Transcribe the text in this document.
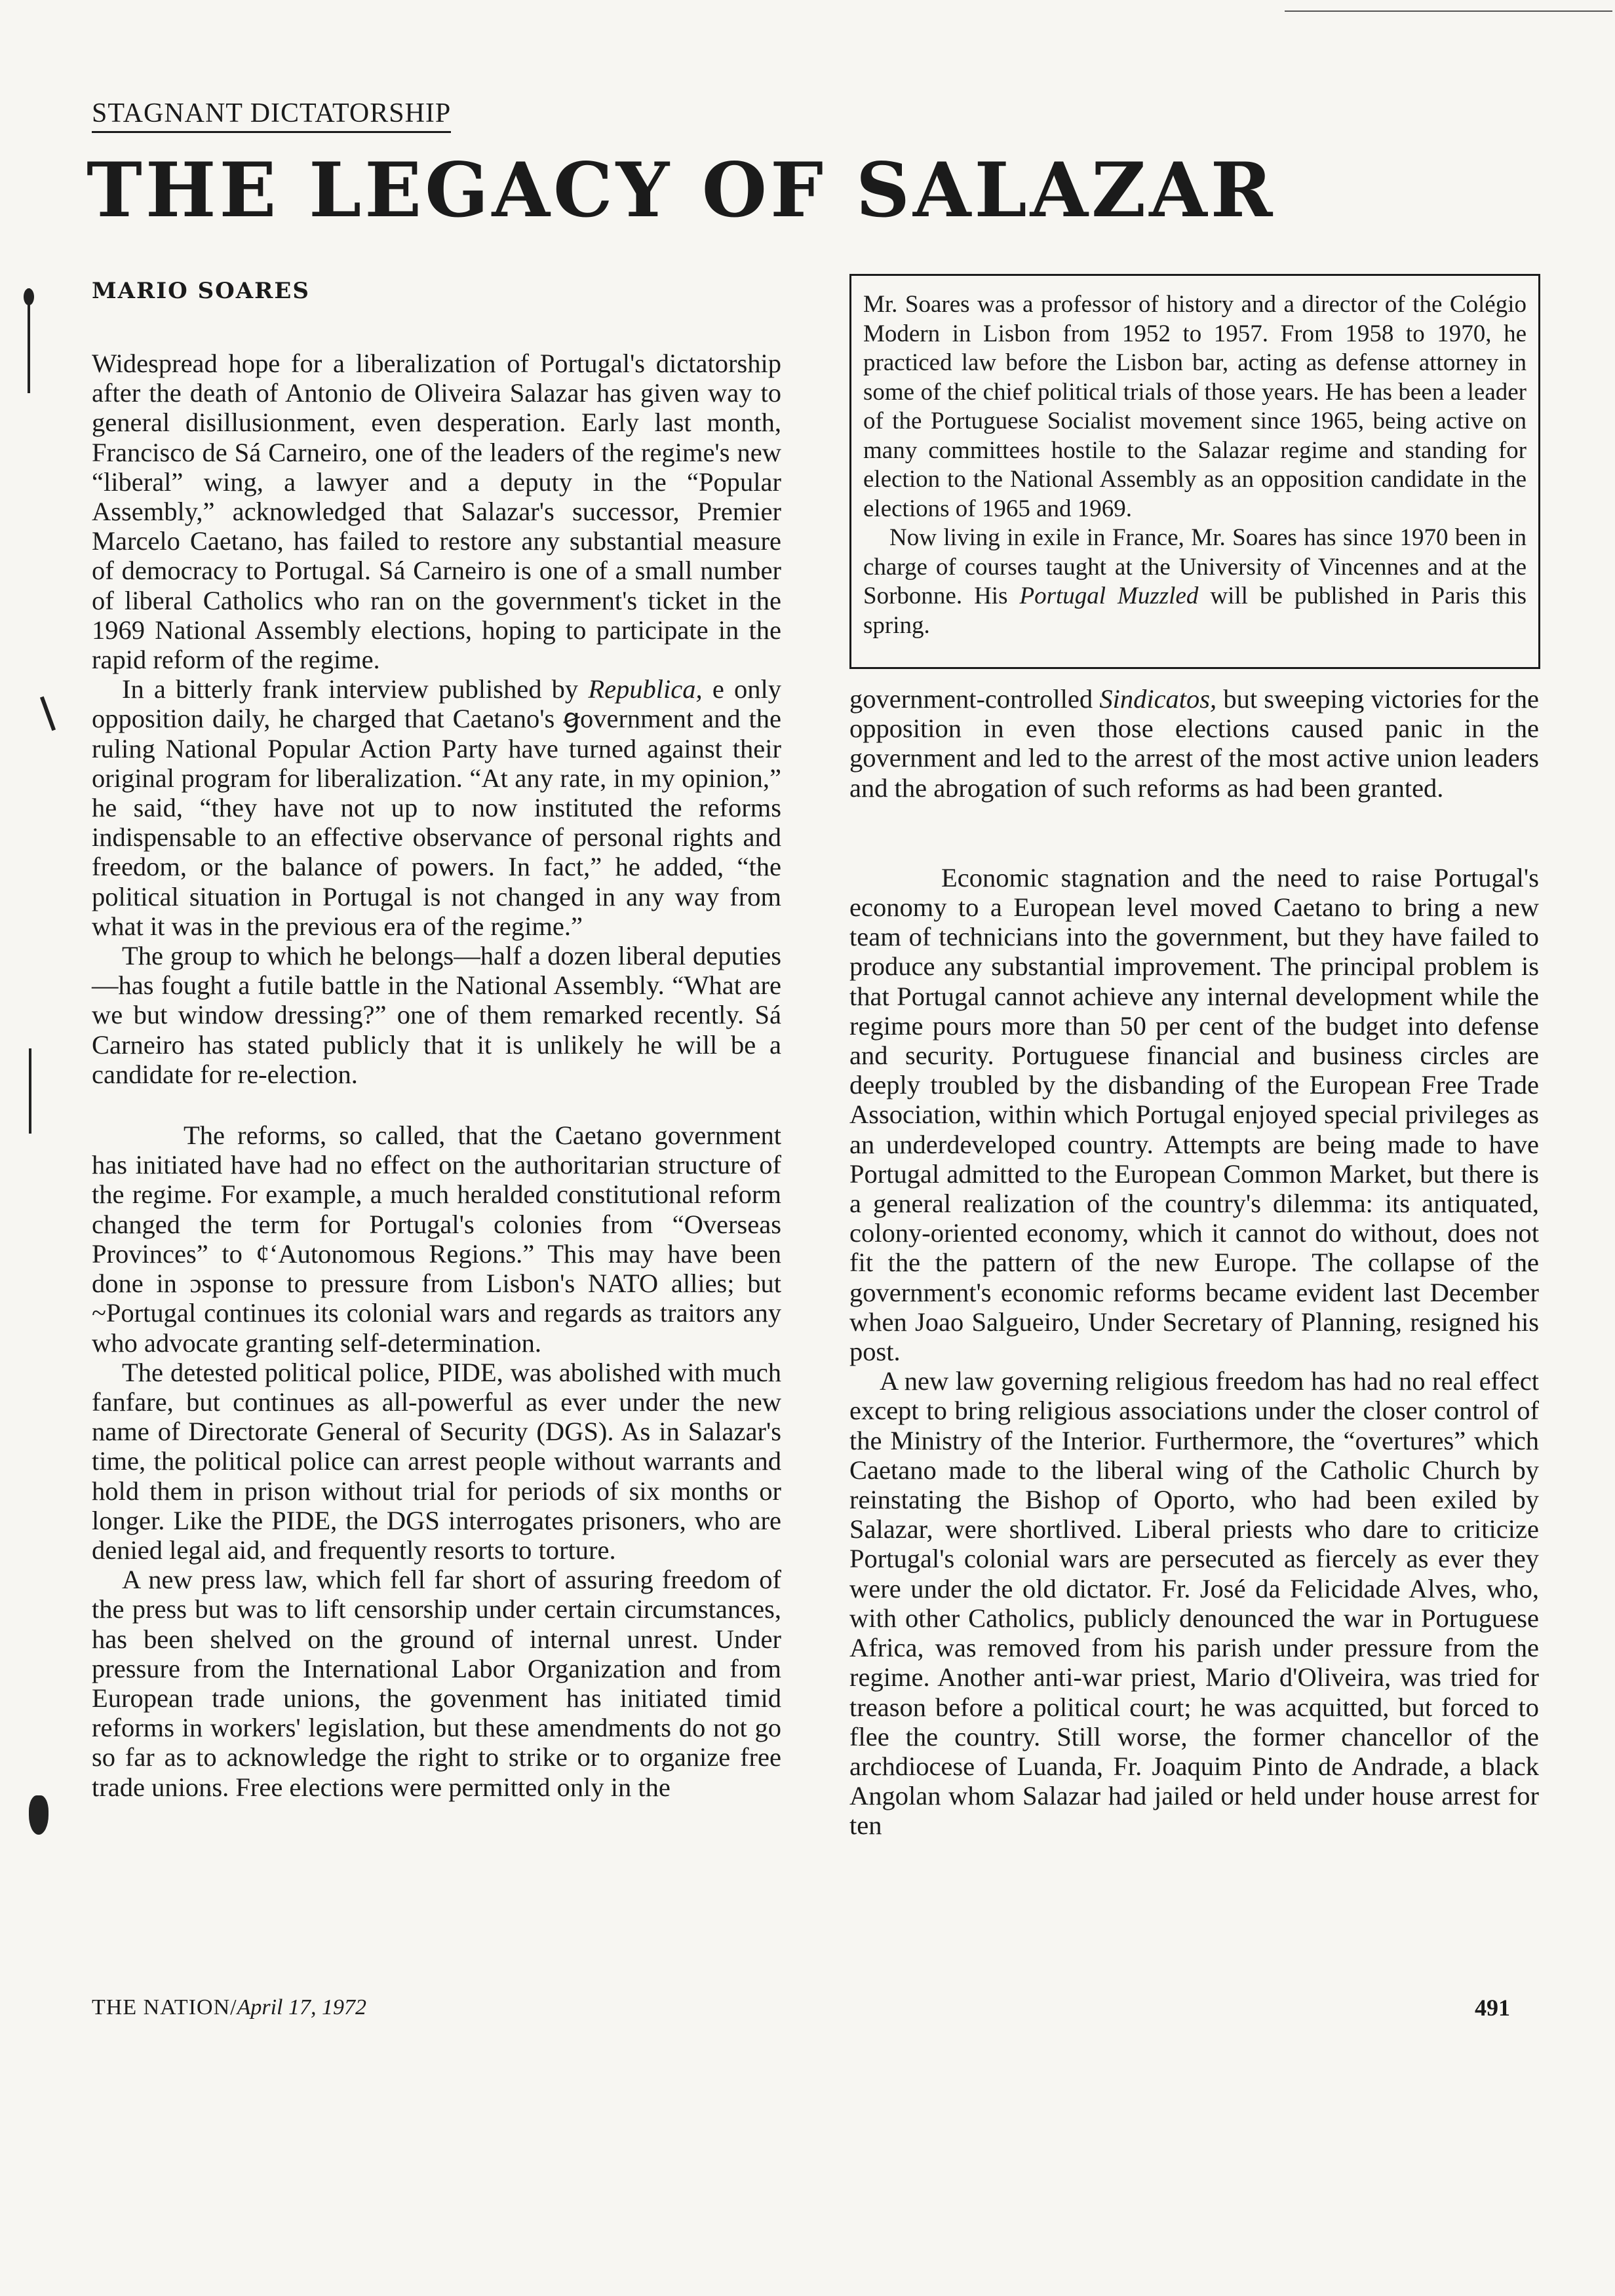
STAGNANT DICTATORSHIP
THE LEGACY OF SALAZAR
MARIO SOARES	Mr. Soares was a professor of history and a director of the Colégio Modern in Lisbon from 1952 to 1957. From 1958 to 1970, he practiced law before the Lisbon bar, acting as defense attorney in some of the chief political trials of those years. He has been a leader of the Portuguese Socialist movement since 1965, being active on many committees hostile to the Salazar regime and standing for election to the National Assembly as an opposition candidate in the elections of 1965 and 1969.

Now living in exile in France, Mr. Soares has since 1970 been in charge of courses taught at the University of Vincennes and at the Sorbonne. His Portugal Muzzled will be published in Paris this spring.

Widespread hope for a liberalization of Portugal's dictatorship after the death of Antonio de Oliveira Salazar has given way to general disillusionment, even desperation. Early last month, Francisco de Sá Carneiro, one of the leaders of the regime's new “liberal” wing, a lawyer and a deputy in the “Popular Assembly,” acknowledged that Salazar's successor, Premier Marcelo Caetano, has failed to restore any substantial measure of democracy to Portugal. Sá Carneiro is one of a small number of liberal Catholics who ran on the government's ticket in the 1969 National Assembly elections, hoping to participate in the rapid reform of the regime.

In a bitterly frank interview published by Republica, e only opposition daily, he charged that Caetano's ꞡovernment and the ruling National Popular Action Party have turned against their original program for liberalization. “At any rate, in my opinion,” he said, “they have not up to now instituted the reforms indispensable to an effective observance of personal rights and freedom, or the balance of powers. In fact,” he added, “the political situation in Portugal is not changed in any way from what it was in the previous era of the regime.”

The group to which he belongs—half a dozen liberal deputies—has fought a futile battle in the National Assembly. “What are we but window dressing?” one of them remarked recently. Sá Carneiro has stated publicly that it is unlikely he will be a candidate for re-election.

The reforms, so called, that the Caetano government has initiated have had no effect on the authoritarian structure of the regime. For example, a much heralded constitutional reform changed the term for Portugal's colonies from “Overseas Provinces” to ¢‘Autonomous Regions.” This may have been done in ɔsponse to pressure from Lisbon's NATO allies; but ~Portugal continues its colonial wars and regards as traitors any who advocate granting self-determination.

The detested political police, PIDE, was abolished with much fanfare, but continues as all-powerful as ever under the new name of Directorate General of Security (DGS). As in Salazar's time, the political police can arrest people without warrants and hold them in prison without trial for periods of six months or longer. Like the PIDE, the DGS interrogates prisoners, who are denied legal aid, and frequently resorts to torture.

A new press law, which fell far short of assuring freedom of the press but was to lift censorship under certain circumstances, has been shelved on the ground of internal unrest. Under pressure from the International Labor Organization and from European trade unions, the govenment has initiated timid reforms in workers' legislation, but these amendments do not go so far as to acknowledge the right to strike or to organize free trade unions. Free elections were permitted only in the

government-controlled Sindicatos, but sweeping victories for the opposition in even those elections caused panic in the government and led to the arrest of the most active union leaders and the abrogation of such reforms as had been granted.

Economic stagnation and the need to raise Portugal's economy to a European level moved Caetano to bring a new team of technicians into the government, but they have failed to produce any substantial improvement. The principal problem is that Portugal cannot achieve any internal development while the regime pours more than 50 per cent of the budget into defense and security. Portuguese financial and business circles are deeply troubled by the disbanding of the European Free Trade Association, within which Portugal enjoyed special privileges as an underdeveloped country. Attempts are being made to have Portugal admitted to the European Common Market, but there is a general realization of the country's dilemma: its antiquated, colony-oriented economy, which it cannot do without, does not fit the the pattern of the new Europe. The collapse of the government's economic reforms became evident last December when Joao Salgueiro, Under Secretary of Planning, resigned his post.

A new law governing religious freedom has had no real effect except to bring religious associations under the closer control of the Ministry of the Interior. Furthermore, the “overtures” which Caetano made to the liberal wing of the Catholic Church by reinstating the Bishop of Oporto, who had been exiled by Salazar, were shortlived. Liberal priests who dare to criticize Portugal's colonial wars are persecuted as fiercely as ever they were under the old dictator. Fr. José da Felicidade Alves, who, with other Catholics, publicly denounced the war in Portuguese Africa, was removed from his parish under pressure from the regime. Another anti-war priest, Mario d'Oliveira, was tried for treason before a political court; he was acquitted, but forced to flee the country. Still worse, the former chancellor of the archdiocese of Luanda, Fr. Joaquim Pinto de Andrade, a black Angolan whom Salazar had jailed or held under house arrest for ten

THE NATION/April 17, 1972	491
